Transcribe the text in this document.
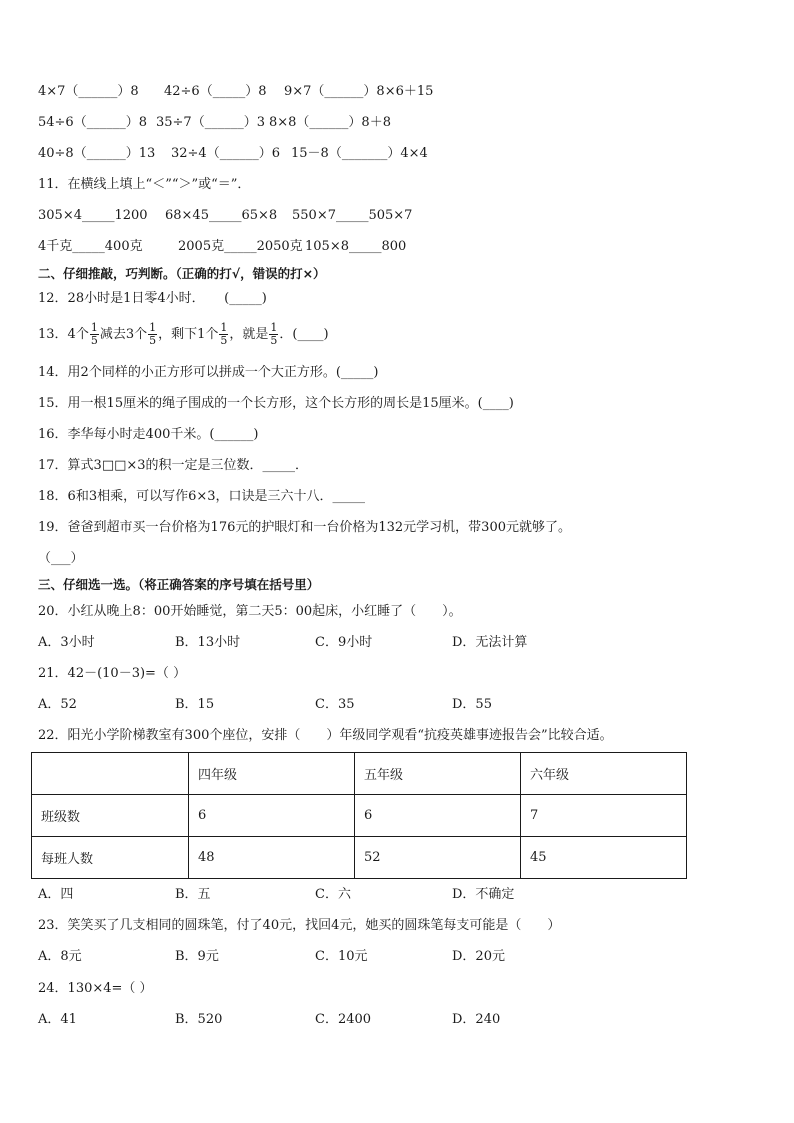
4×7（______）8 42÷6（_____）8 9×7（______）8×6＋15
54÷6（______）8 35÷7（______）3 8×8（______）8＋8
40÷8（______）13 32÷4（______）6 15－8（_______）4×4
11．在横线上填上“＜”“＞”或“＝”．
305×4_____1200 68×45_____65×8 550×7_____505×7
4千克_____400克	2005克_____2050克 105×8_____800
二、仔细推敲，巧判断。（正确的打√，错误的打×）
12．28小时是1日零4小时．　　(_____)
13．4个 $\frac{1}{5}$ 减去3个 $\frac{1}{5}$ ，剩下1个 $\frac{1}{5}$ ，就是 $\frac{1}{5}$ ．(____)
14．用2个同样的小正方形可以拼成一个大正方形。(_____)
15．用一根15厘米的绳子围成的一个长方形，这个长方形的周长是15厘米。(____)
16．李华每小时走400千米。(______)
17．算式3□□×3的积一定是三位数．_____．
18．6和3相乘，可以写作6×3，口诀是三六十八．_____
19．爸爸到超市买一台价格为176元的护眼灯和一台价格为132元学习机，带300元就够了。
（___）
三、仔细选一选。（将正确答案的序号填在括号里）
20．小红从晚上8：00开始睡觉，第二天5：00起床，小红睡了（　　）。
A．3小时	B．13小时	C．9小时	D．无法计算
21．42－(10－3)=（ ）
A．52	B．15	C．35	D．55
22．阳光小学阶梯教室有300个座位，安排（　　）年级同学观看“抗疫英雄事迹报告会”比较合适。
	四年级	五年级	六年级
班级数	6	6	7
每班人数	48	52	45
A．四	B．五	C．六	D．不确定
23．笑笑买了几支相同的圆珠笔，付了40元，找回4元，她买的圆珠笔每支可能是（　　）
A．8元	B．9元	C．10元	D．20元
24．130×4=（ ）
A．41	B．520	C．2400	D．240
